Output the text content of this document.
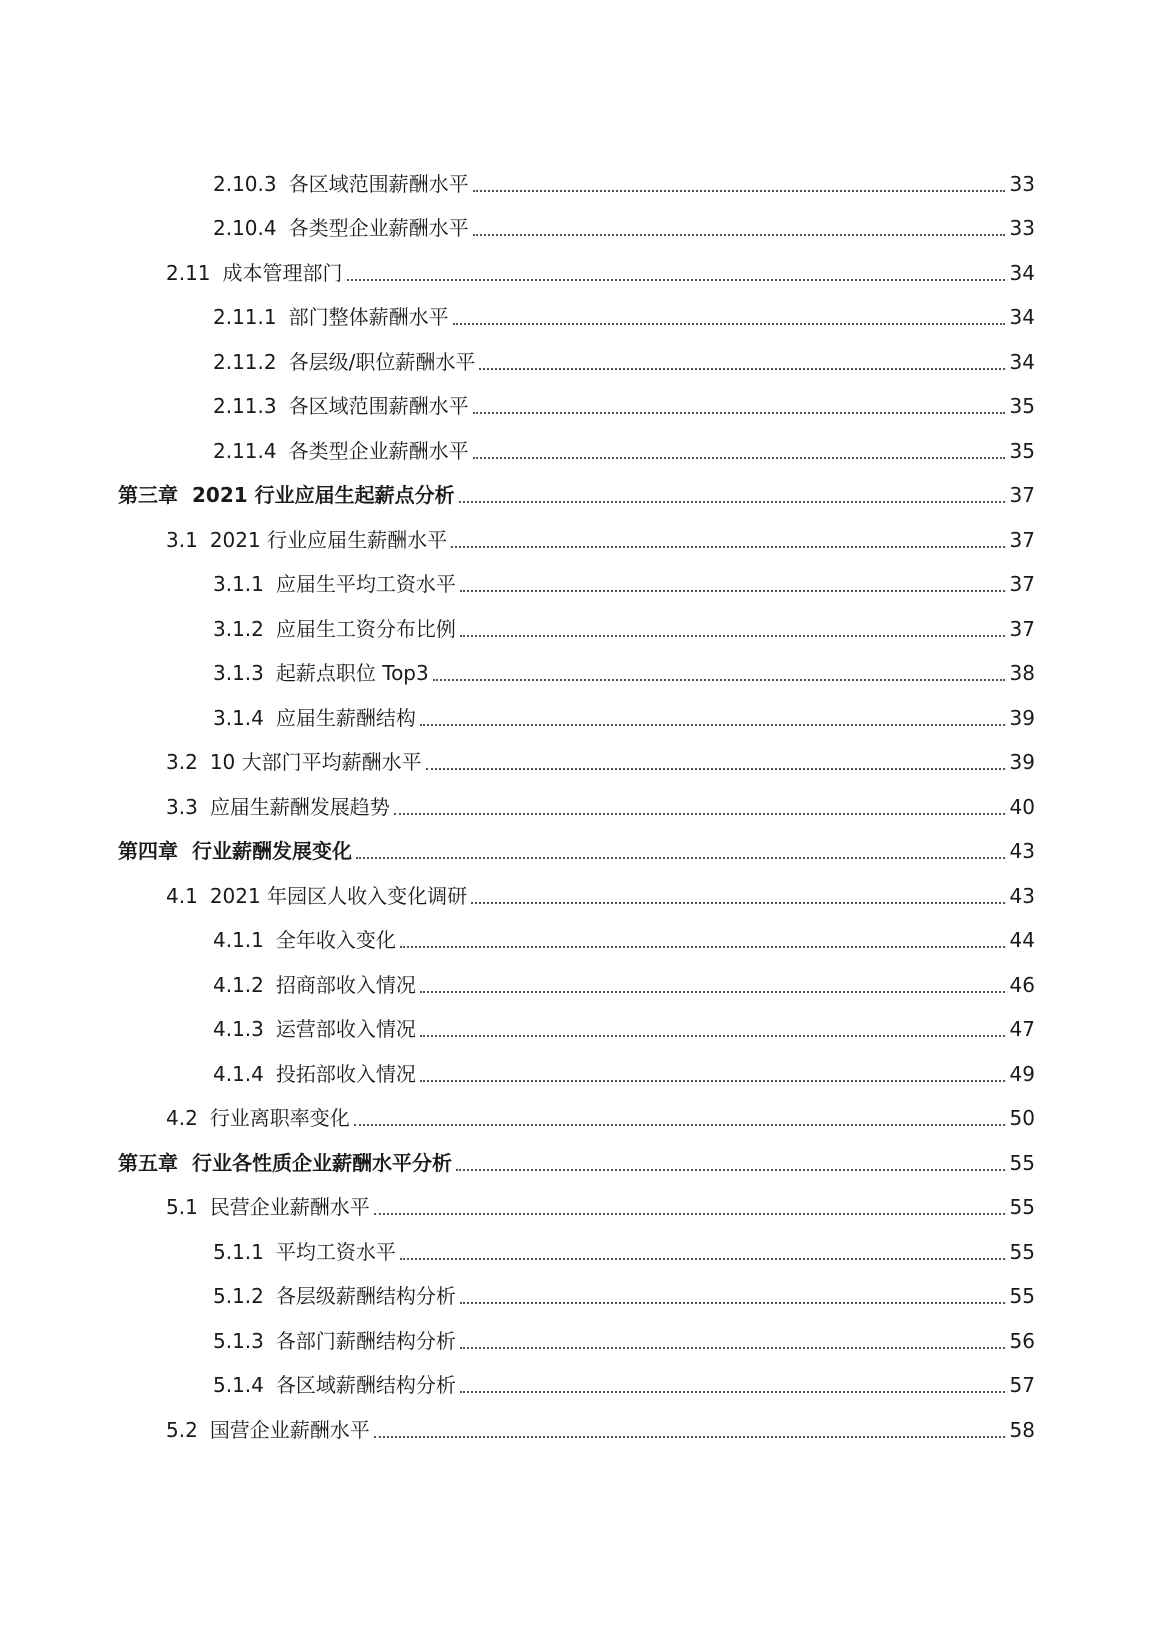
2.10.3 各区域范围薪酬水平	33
2.10.4 各类型企业薪酬水平	33
2.11 成本管理部门	34
2.11.1 部门整体薪酬水平	34
2.11.2 各层级/职位薪酬水平	34
2.11.3 各区域范围薪酬水平	35
2.11.4 各类型企业薪酬水平	35
第三章 2021 行业应届生起薪点分析	37
3.1 2021 行业应届生薪酬水平	37
3.1.1 应届生平均工资水平	37
3.1.2 应届生工资分布比例	37
3.1.3 起薪点职位 Top3	38
3.1.4 应届生薪酬结构	39
3.2 10 大部门平均薪酬水平	39
3.3 应届生薪酬发展趋势	40
第四章 行业薪酬发展变化	43
4.1 2021 年园区人收入变化调研	43
4.1.1 全年收入变化	44
4.1.2 招商部收入情况	46
4.1.3 运营部收入情况	47
4.1.4 投拓部收入情况	49
4.2 行业离职率变化	50
第五章 行业各性质企业薪酬水平分析	55
5.1 民营企业薪酬水平	55
5.1.1 平均工资水平	55
5.1.2 各层级薪酬结构分析	55
5.1.3 各部门薪酬结构分析	56
5.1.4 各区域薪酬结构分析	57
5.2 国营企业薪酬水平	58
